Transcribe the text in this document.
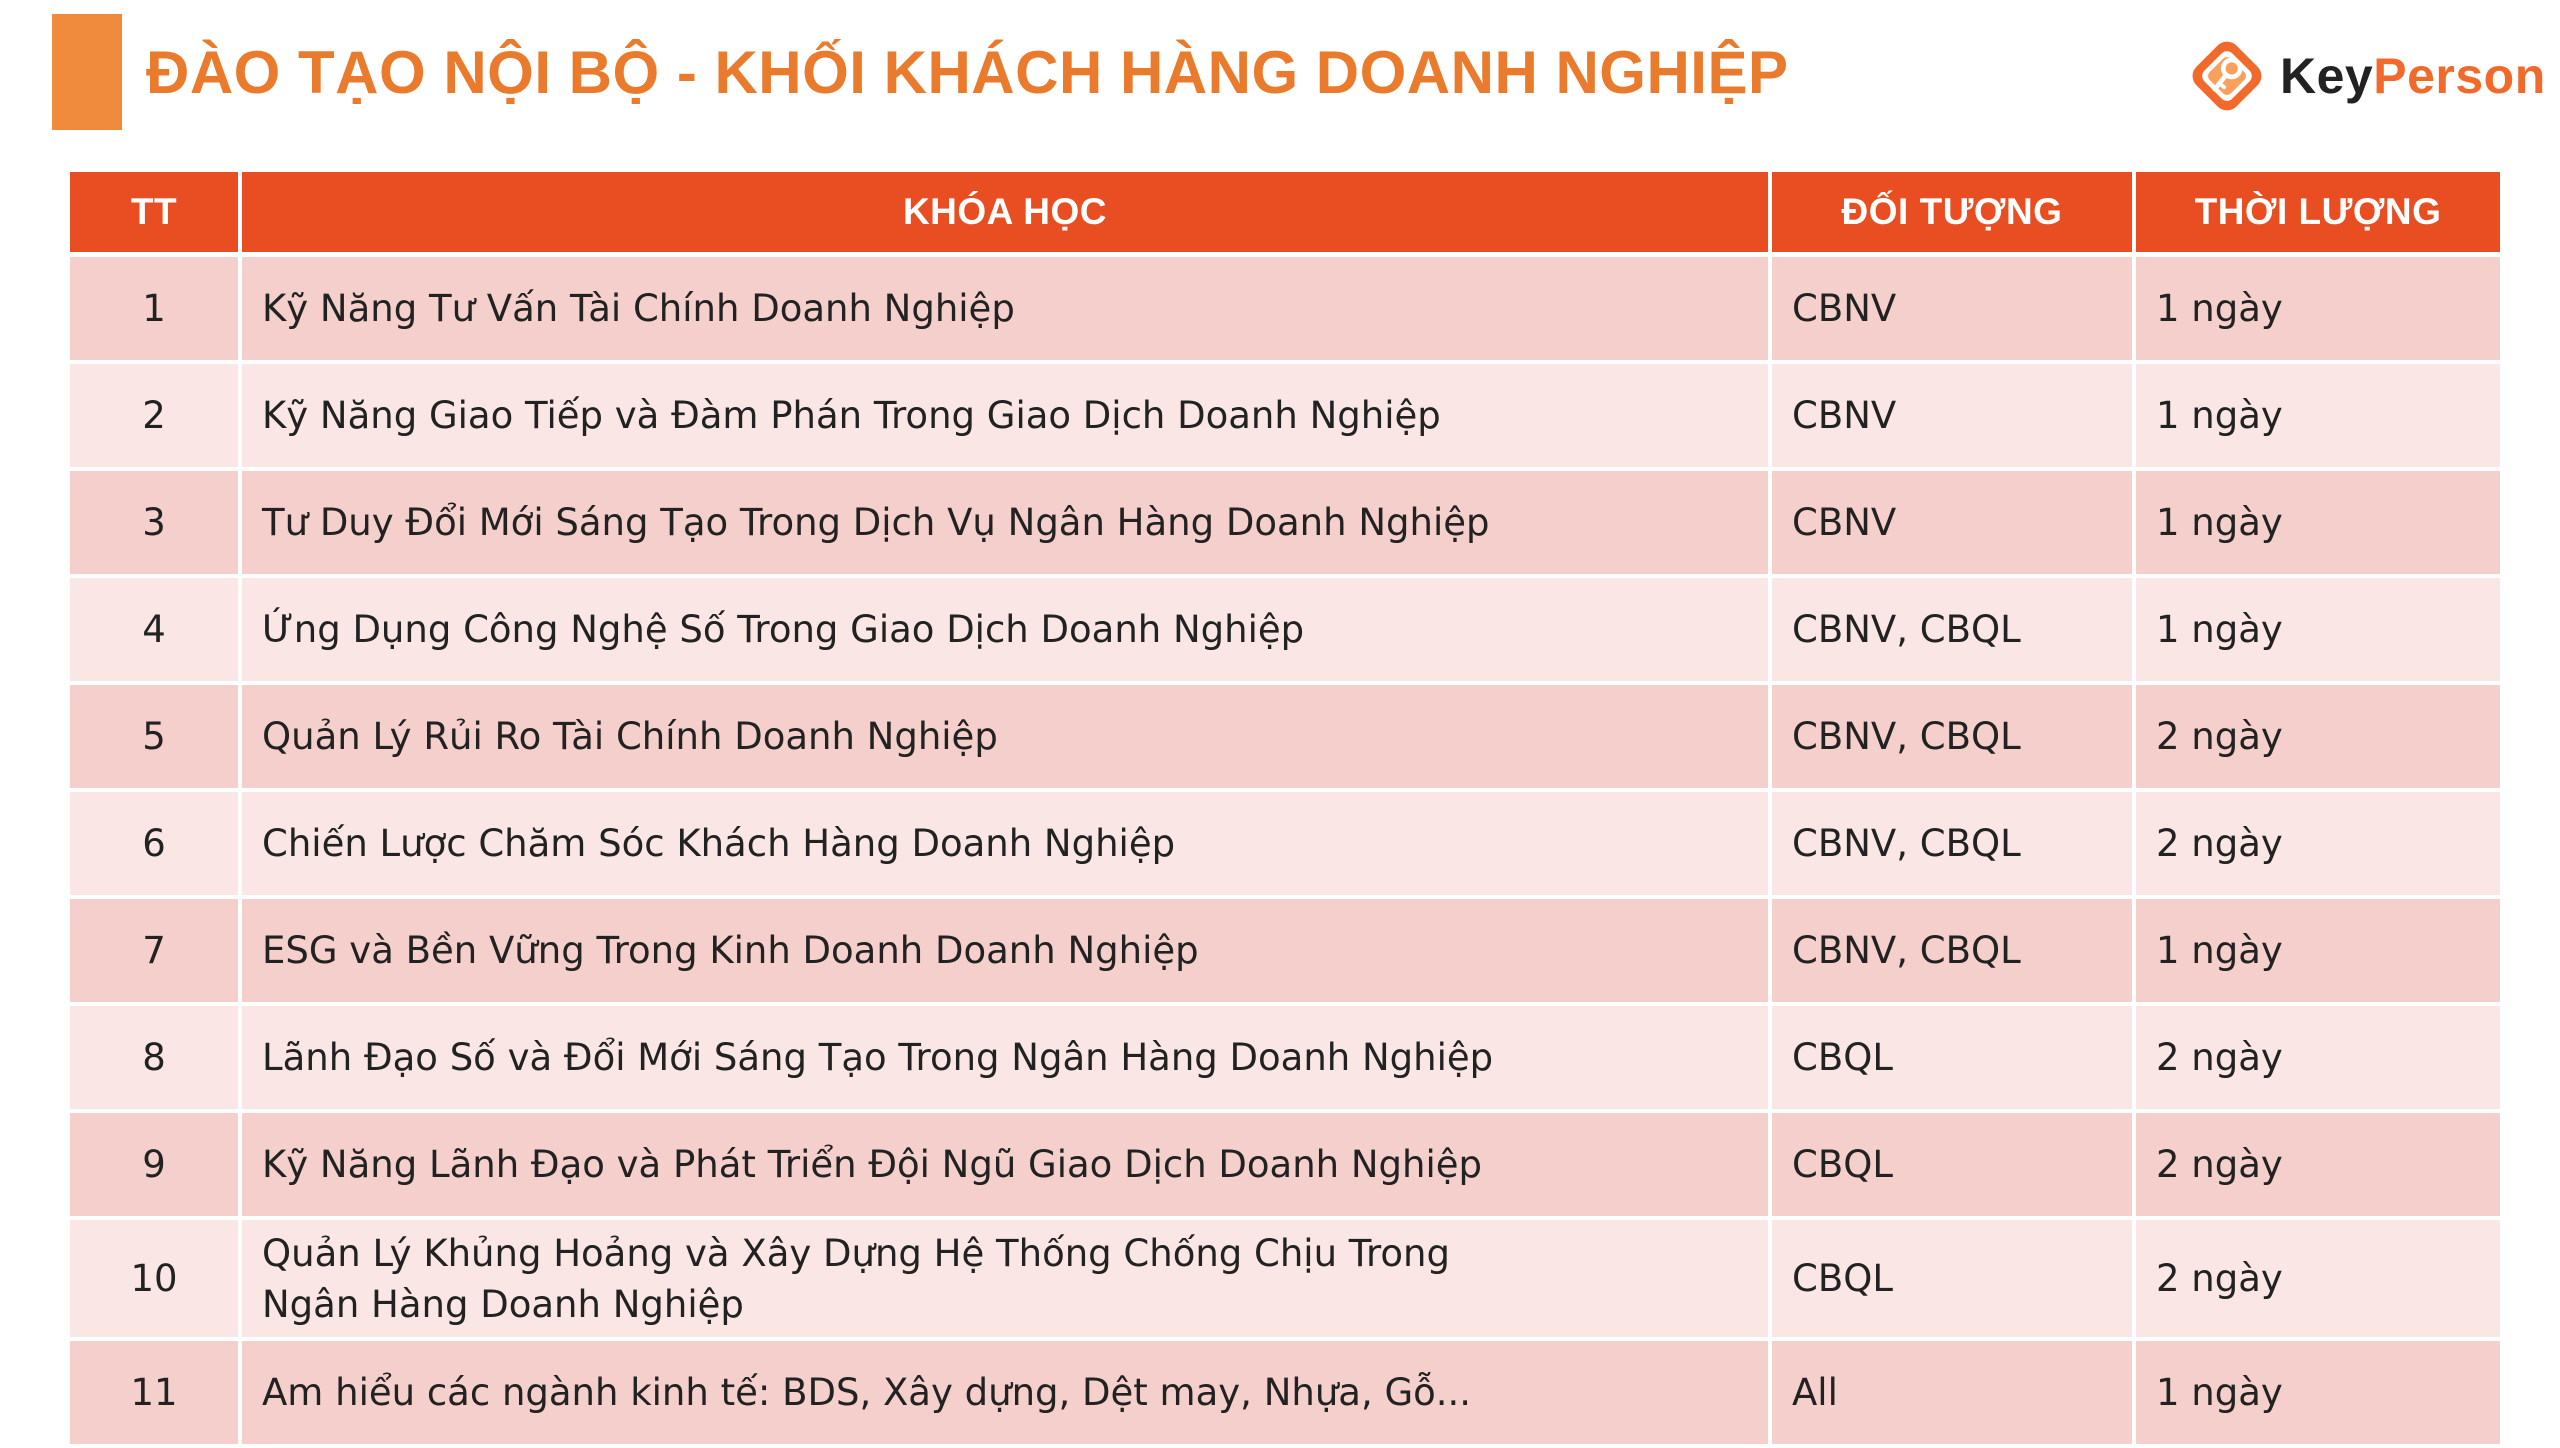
ĐÀO TẠO NỘI BỘ - KHỐI KHÁCH HÀNG DOANH NGHIỆP	KeyPerson
TT	KHÓA HỌC	ĐỐI TƯỢNG	THỜI LƯỢNG
1	Kỹ Năng Tư Vấn Tài Chính Doanh Nghiệp	CBNV	1 ngày
2	Kỹ Năng Giao Tiếp và Đàm Phán Trong Giao Dịch Doanh Nghiệp	CBNV	1 ngày
3	Tư Duy Đổi Mới Sáng Tạo Trong Dịch Vụ Ngân Hàng Doanh Nghiệp	CBNV	1 ngày
4	Ứng Dụng Công Nghệ Số Trong Giao Dịch Doanh Nghiệp	CBNV, CBQL	1 ngày
5	Quản Lý Rủi Ro Tài Chính Doanh Nghiệp	CBNV, CBQL	2 ngày
6	Chiến Lược Chăm Sóc Khách Hàng Doanh Nghiệp	CBNV, CBQL	2 ngày
7	ESG và Bền Vững Trong Kinh Doanh Doanh Nghiệp	CBNV, CBQL	1 ngày
8	Lãnh Đạo Số và Đổi Mới Sáng Tạo Trong Ngân Hàng Doanh Nghiệp	CBQL	2 ngày
9	Kỹ Năng Lãnh Đạo và Phát Triển Đội Ngũ Giao Dịch Doanh Nghiệp	CBQL	2 ngày
10	Quản Lý Khủng Hoảng và Xây Dựng Hệ Thống Chống Chịu Trong
Ngân Hàng Doanh Nghiệp	CBQL	2 ngày
11	Am hiểu các ngành kinh tế: BDS, Xây dựng, Dệt may, Nhựa, Gỗ...	All	1 ngày
